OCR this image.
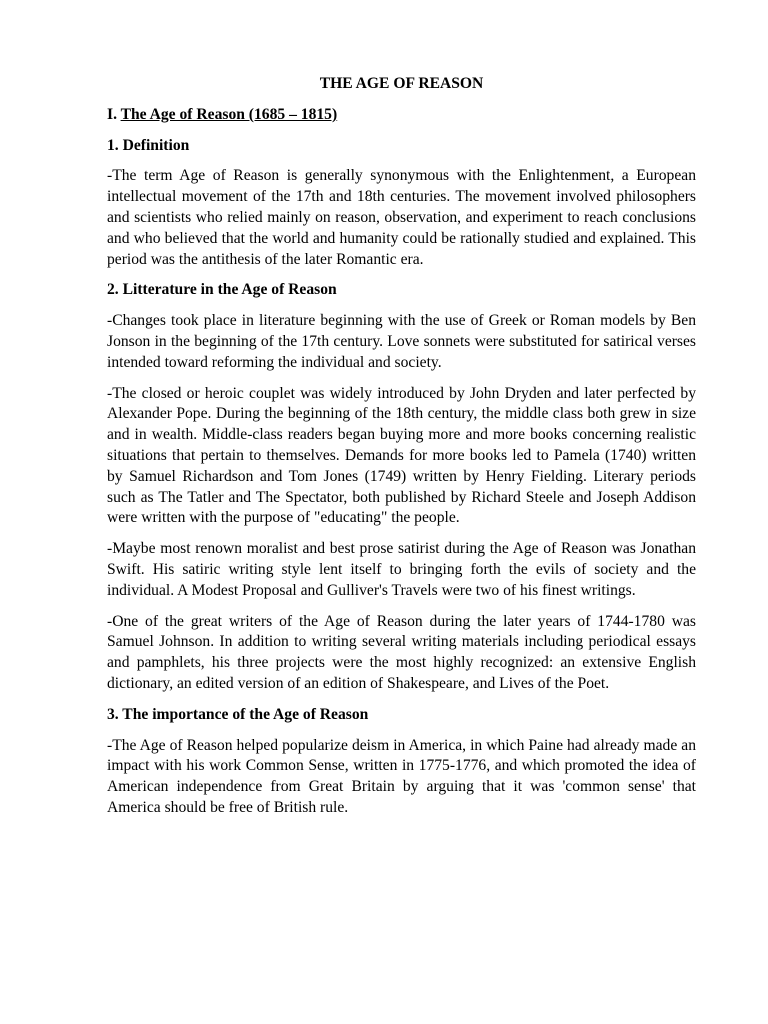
THE AGE OF REASON
I. The Age of Reason (1685 – 1815)
1. Definition
-The term Age of Reason is generally synonymous with the Enlightenment, a European intellectual movement of the 17th and 18th centuries. The movement involved philosophers and scientists who relied mainly on reason, observation, and experiment to reach conclusions and who believed that the world and humanity could be rationally studied and explained. This period was the antithesis of the later Romantic era.
2. Litterature in the Age of Reason
-Changes took place in literature beginning with the use of Greek or Roman models by Ben Jonson in the beginning of the 17th century. Love sonnets were substituted for satirical verses intended toward reforming the individual and society.
-The closed or heroic couplet was widely introduced by John Dryden and later perfected by Alexander Pope. During the beginning of the 18th century, the middle class both grew in size and in wealth. Middle-class readers began buying more and more books concerning realistic situations that pertain to themselves. Demands for more books led to Pamela (1740) written by Samuel Richardson and Tom Jones (1749) written by Henry Fielding. Literary periods such as The Tatler and The Spectator, both published by Richard Steele and Joseph Addison were written with the purpose of "educating" the people.
-Maybe most renown moralist and best prose satirist during the Age of Reason was Jonathan Swift. His satiric writing style lent itself to bringing forth the evils of society and the individual. A Modest Proposal and Gulliver's Travels were two of his finest writings.
-One of the great writers of the Age of Reason during the later years of 1744-1780 was Samuel Johnson. In addition to writing several writing materials including periodical essays and pamphlets, his three projects were the most highly recognized: an extensive English dictionary, an edited version of an edition of Shakespeare, and Lives of the Poet.
3. The importance of the Age of Reason
-The Age of Reason helped popularize deism in America, in which Paine had already made an impact with his work Common Sense, written in 1775-1776, and which promoted the idea of American independence from Great Britain by arguing that it was 'common sense' that America should be free of British rule.
